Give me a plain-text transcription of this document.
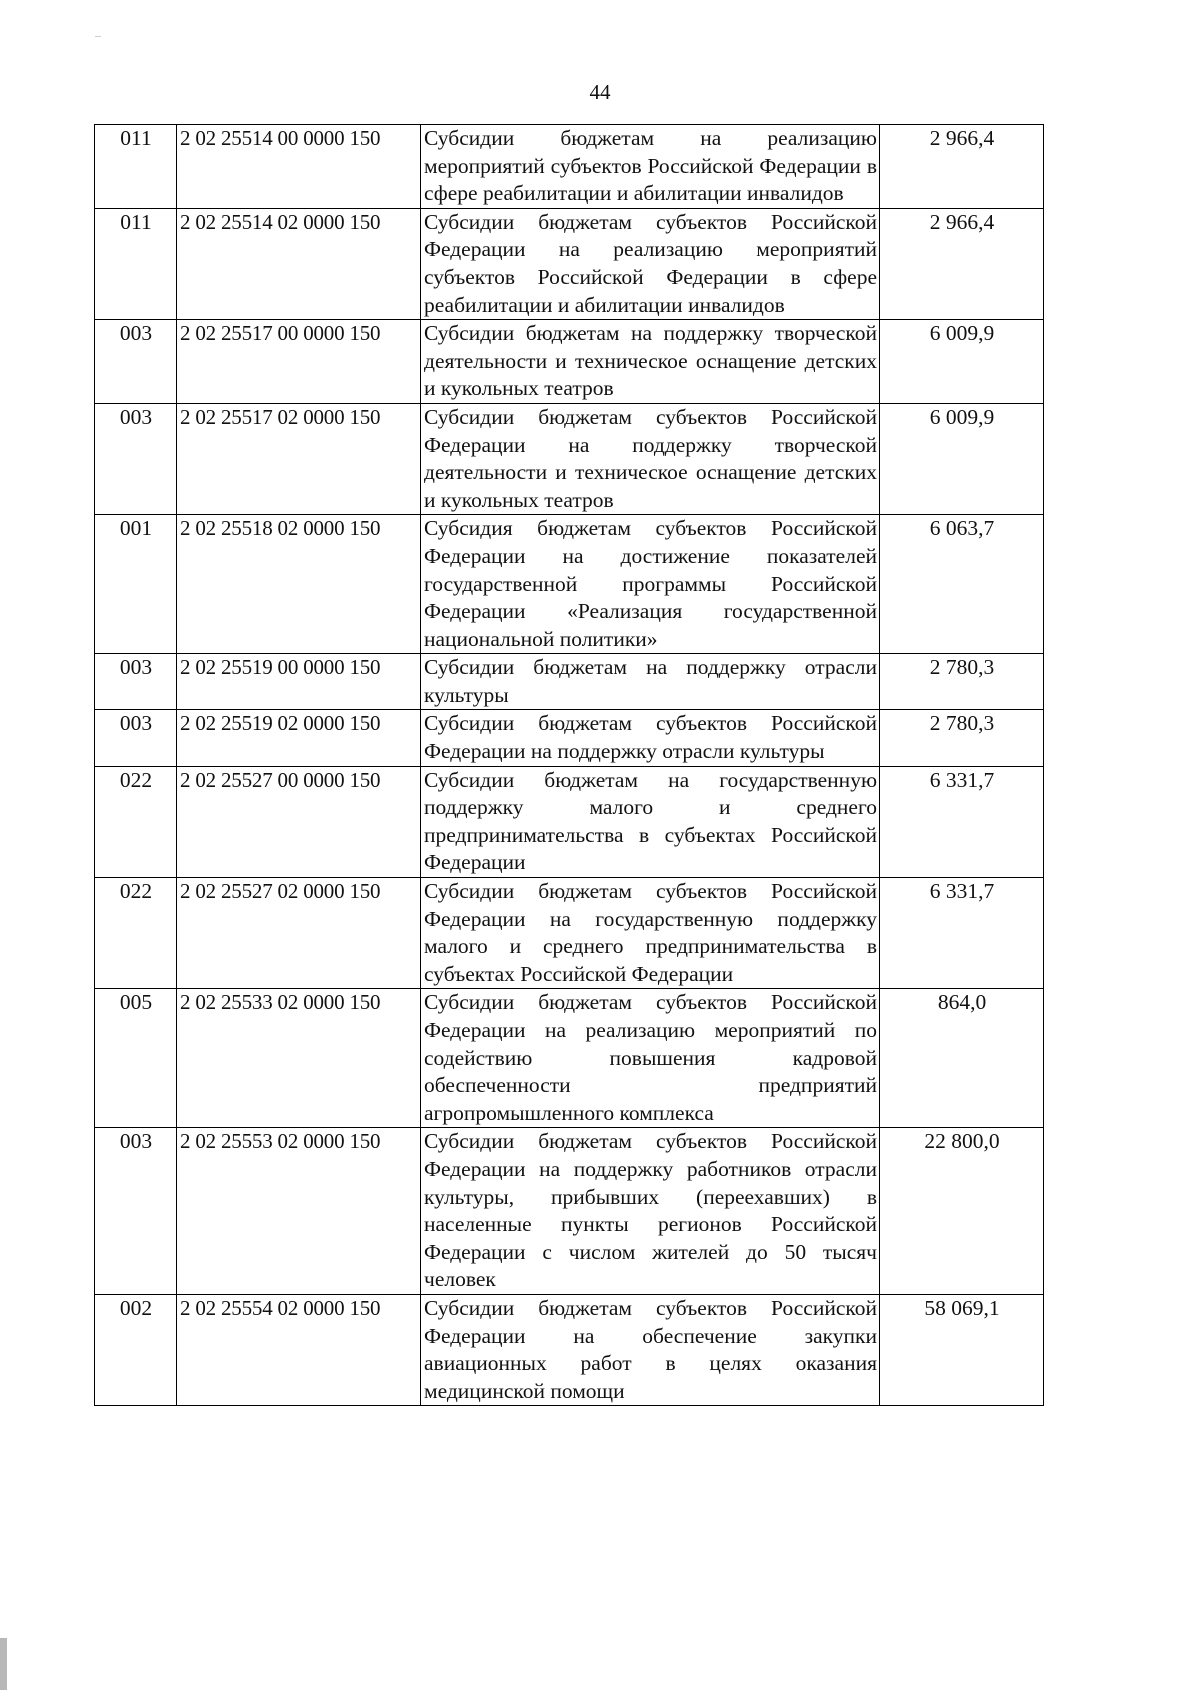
44
011	2 02 25514 00 0000 150	Субсидии бюджетам на реализацию мероприятий субъектов Российской Федерации в сфере реабилитации и абилитации инвалидов	2 966,4
011	2 02 25514 02 0000 150	Субсидии бюджетам субъектов Российской Федерации на реализацию мероприятий субъектов Российской Федерации в сфере реабилитации и абилитации инвалидов	2 966,4
003	2 02 25517 00 0000 150	Субсидии бюджетам на поддержку творческой деятельности и техническое оснащение детских и кукольных театров	6 009,9
003	2 02 25517 02 0000 150	Субсидии бюджетам субъектов Российской Федерации на поддержку творческой деятельности и техническое оснащение детских и кукольных театров	6 009,9
001	2 02 25518 02 0000 150	Субсидия бюджетам субъектов Российской Федерации на достижение показателей государственной программы Российской Федерации «Реализация государственной национальной политики»	6 063,7
003	2 02 25519 00 0000 150	Субсидии бюджетам на поддержку отрасли культуры	2 780,3
003	2 02 25519 02 0000 150	Субсидии бюджетам субъектов Российской Федерации на поддержку отрасли культуры	2 780,3
022	2 02 25527 00 0000 150	Субсидии бюджетам на государственную поддержку малого и среднего предпринимательства в субъектах Российской Федерации	6 331,7
022	2 02 25527 02 0000 150	Субсидии бюджетам субъектов Российской Федерации на государственную поддержку малого и среднего предпринимательства в субъектах Российской Федерации	6 331,7
005	2 02 25533 02 0000 150	Субсидии бюджетам субъектов Российской Федерации на реализацию мероприятий по содействию повышения кадровой обеспеченности предприятий агропромышленного комплекса	864,0
003	2 02 25553 02 0000 150	Субсидии бюджетам субъектов Российской Федерации на поддержку работников отрасли культуры, прибывших (переехавших) в населенные пункты регионов Российской Федерации с числом жителей до 50 тысяч человек	22 800,0
002	2 02 25554 02 0000 150	Субсидии бюджетам субъектов Российской Федерации на обеспечение закупки авиационных работ в целях оказания медицинской помощи	58 069,1
